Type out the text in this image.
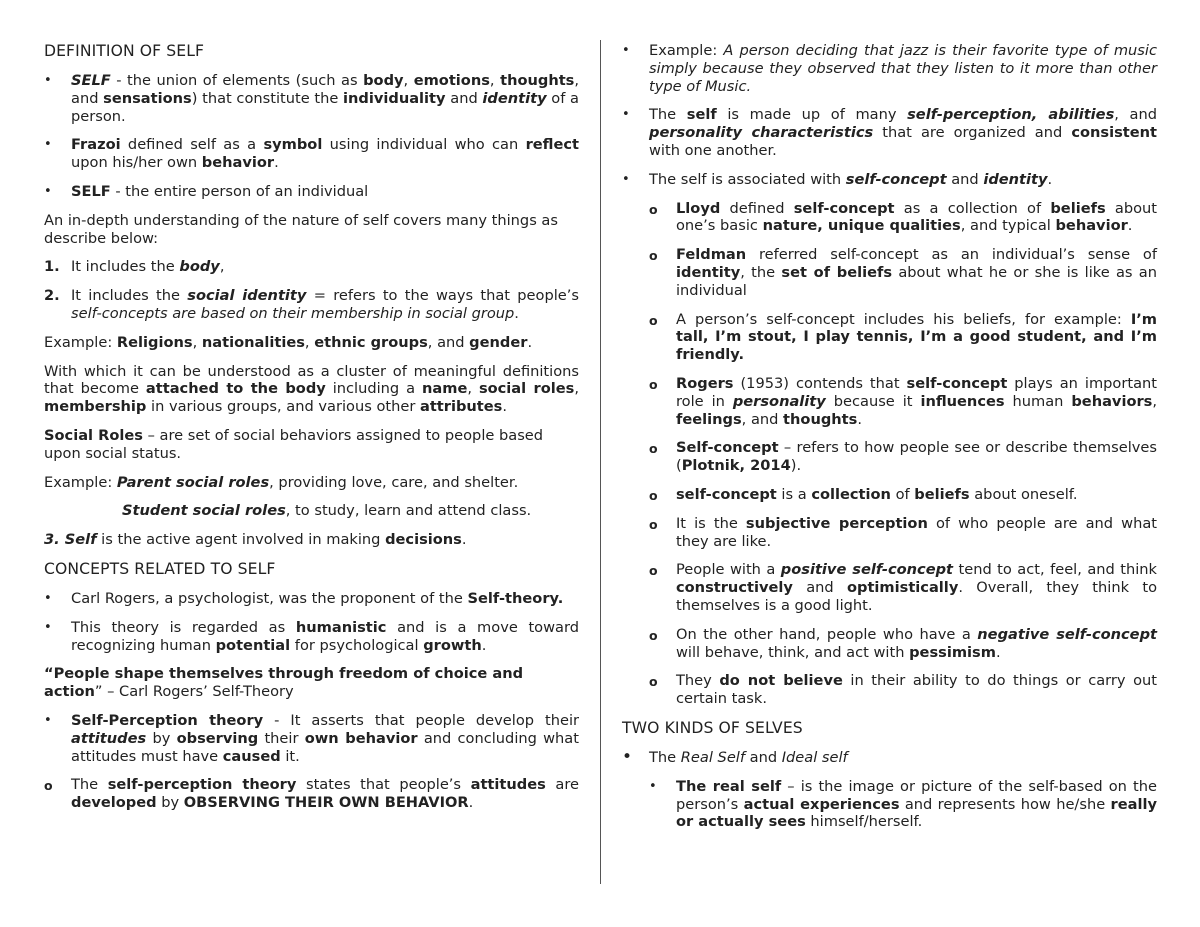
DEFINITION OF SELF
• SELF - the union of elements (such as body, emotions, thoughts, and sensations) that constitute the individuality and identity of a person.
• Frazoi defined self as a symbol using individual who can reflect upon his/her own behavior.
• SELF - the entire person of an individual

An in-depth understanding of the nature of self covers many things as describe below:

1. It includes the body,
2. It includes the social identity = refers to the ways that people’s self-concepts are based on their membership in social group.

Example: Religions, nationalities, ethnic groups, and gender.

With which it can be understood as a cluster of meaningful definitions that become attached to the body including a name, social roles, membership in various groups, and various other attributes.

Social Roles – are set of social behaviors assigned to people based upon social status.

Example: Parent social roles, providing love, care, and shelter.

Student social roles, to study, learn and attend class.

3. Self is the active agent involved in making decisions.

CONCEPTS RELATED TO SELF
• Carl Rogers, a psychologist, was the proponent of the Self-theory.
• This theory is regarded as humanistic and is a move toward recognizing human potential for psychological growth.

“People shape themselves through freedom of choice and action” – Carl Rogers’ Self-Theory

• Self-Perception theory - It asserts that people develop their attitudes by observing their own behavior and concluding what attitudes must have caused it.
o The self-perception theory states that people’s attitudes are developed by OBSERVING THEIR OWN BEHAVIOR.
• Example: A person deciding that jazz is their favorite type of music simply because they observed that they listen to it more than other type of Music.
• The self is made up of many self-perception, abilities, and personality characteristics that are organized and consistent with one another.
• The self is associated with self-concept and identity.
o Lloyd defined self-concept as a collection of beliefs about one’s basic nature, unique qualities, and typical behavior.
o Feldman referred self-concept as an individual’s sense of identity, the set of beliefs about what he or she is like as an individual
o A person’s self-concept includes his beliefs, for example: I’m tall, I’m stout, I play tennis, I’m a good student, and I’m friendly.
o Rogers (1953) contends that self-concept plays an important role in personality because it influences human behaviors, feelings, and thoughts.
o Self-concept – refers to how people see or describe themselves (Plotnik, 2014).
o self-concept is a collection of beliefs about oneself.
o It is the subjective perception of who people are and what they are like.
o People with a positive self-concept tend to act, feel, and think constructively and optimistically. Overall, they think to themselves is a good light.
o On the other hand, people who have a negative self-concept will behave, think, and act with pessimism.
o They do not believe in their ability to do things or carry out certain task.
TWO KINDS OF SELVES
• The Real Self and Ideal self
• The real self – is the image or picture of the self-based on the person’s actual experiences and represents how he/she really or actually sees himself/herself.
